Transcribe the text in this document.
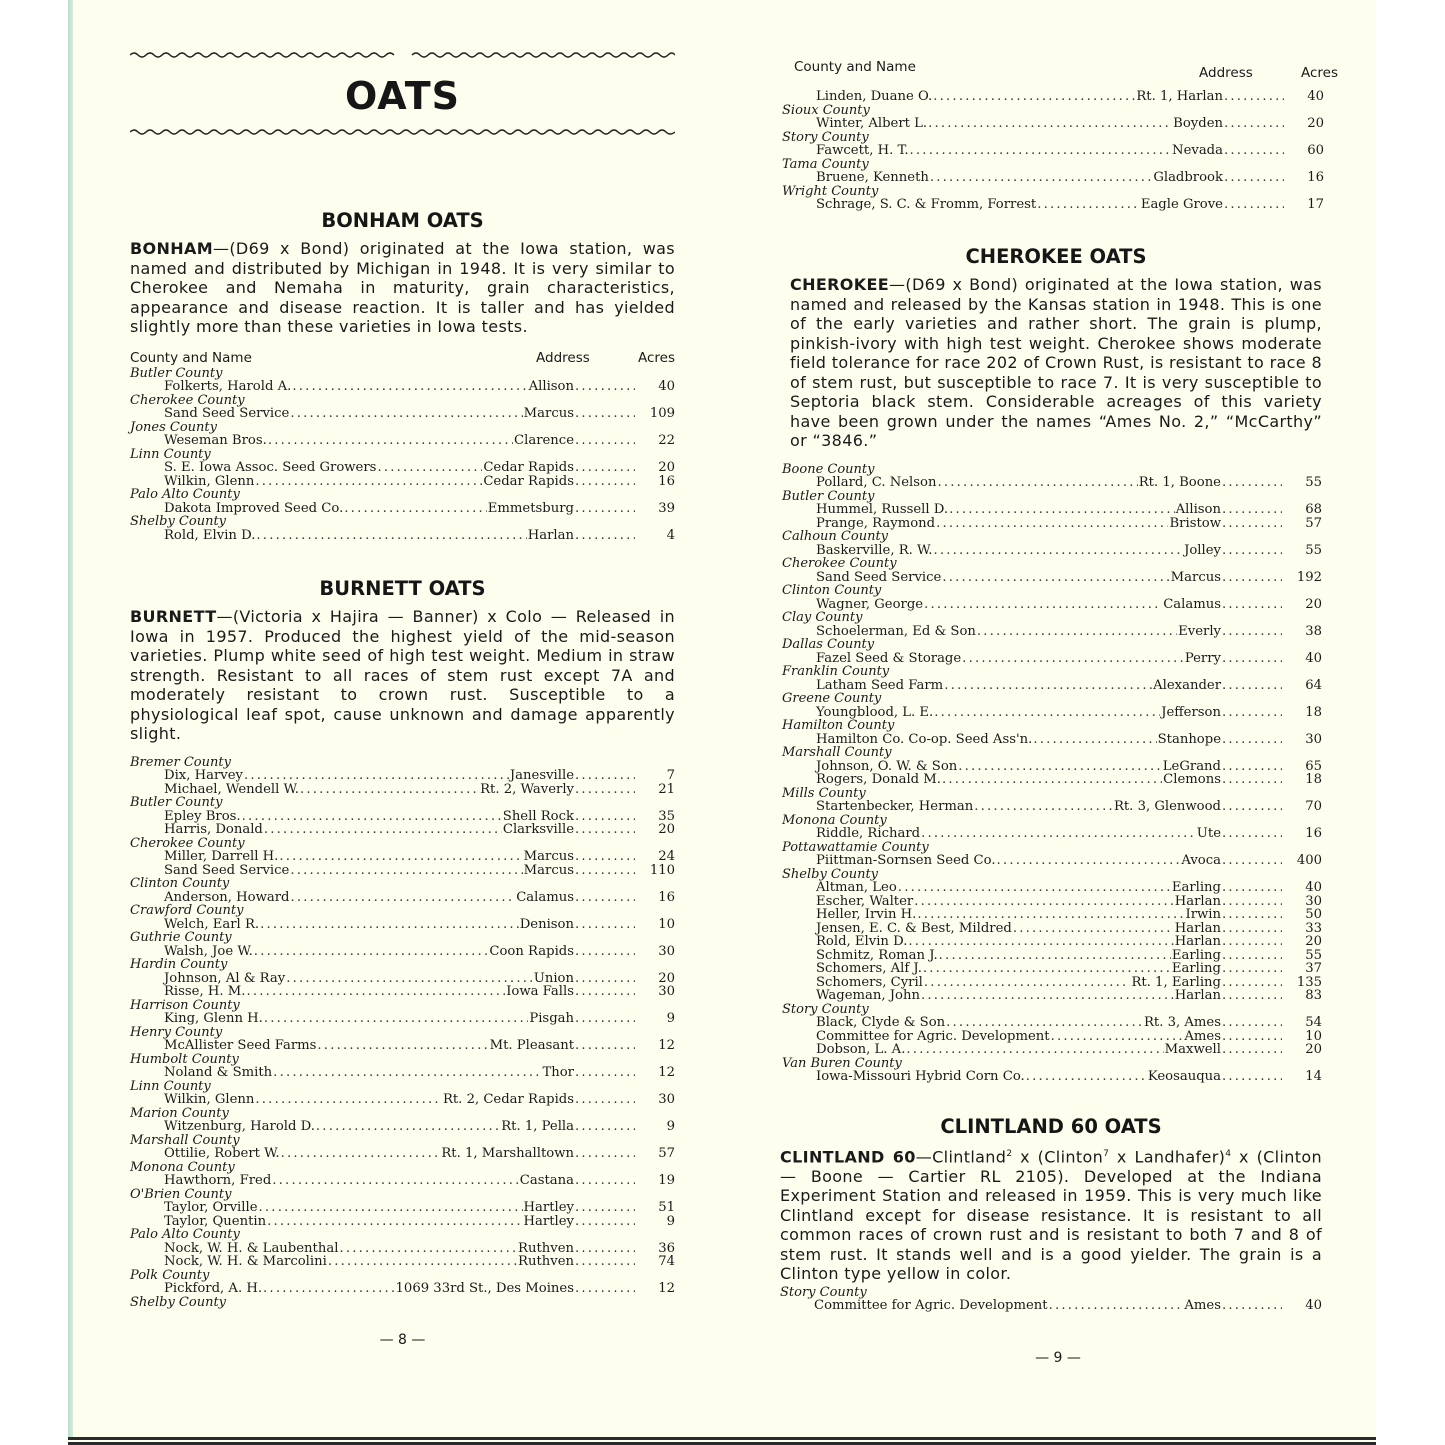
OATS
BONHAM OATS

BONHAM—(D69 x Bond) originated at the Iowa station, was named and distributed by Michigan in 1948. It is very similar to Cherokee and Nemaha in maturity, grain characteristics, appearance and disease reaction. It is taller and has yielded slightly more than these varieties in Iowa tests.

County and Name	Address	Acres
Butler County
Folkerts, Harold A. .....	Allison .....	40
Cherokee County
Sand Seed Service .....	Marcus .....	109
Jones County
Weseman Bros. .....	Clarence .....	22
Linn County
S. E. Iowa Assoc. Seed Growers .....	Cedar Rapids .....	20
Wilkin, Glenn .....	Cedar Rapids .....	16
Palo Alto County
Dakota Improved Seed Co. .....	Emmetsburg .....	39
Shelby County
Rold, Elvin D. .....	Harlan .....	4
BURNETT OATS

BURNETT—(Victoria x Hajira — Banner) x Colo — Released in Iowa in 1957. Produced the highest yield of the mid-season varieties. Plump white seed of high test weight. Medium in straw strength. Resistant to all races of stem rust except 7A and moderately resistant to crown rust. Susceptible to a physiological leaf spot, cause unknown and damage apparently slight.

Bremer County
Dix, Harvey .....	Janesville .....	7
Michael, Wendell W. .....	Rt. 2, Waverly .....	21
Butler County
Epley Bros. .....	Shell Rock .....	35
Harris, Donald .....	Clarksville .....	20
Cherokee County
Miller, Darrell H. .....	Marcus .....	24
Sand Seed Service .....	Marcus .....	110
Clinton County
Anderson, Howard .....	Calamus .....	16
Crawford County
Welch, Earl R. .....	Denison .....	10
Guthrie County
Walsh, Joe W. .....	Coon Rapids .....	30
Hardin County
Johnson, Al & Ray .....	Union .....	20
Risse, H. M. .....	Iowa Falls .....	30
Harrison County
King, Glenn H. .....	Pisgah .....	9
Henry County
McAllister Seed Farms .....	Mt. Pleasant .....	12
Humbolt County
Noland & Smith .....	Thor .....	12
Linn County
Wilkin, Glenn .....	Rt. 2, Cedar Rapids .....	30
Marion County
Witzenburg, Harold D. .....	Rt. 1, Pella .....	9
Marshall County
Ottilie, Robert W. .....	Rt. 1, Marshalltown .....	57
Monona County
Hawthorn, Fred .....	Castana .....	19
O'Brien County
Taylor, Orville .....	Hartley .....	51
Taylor, Quentin .....	Hartley .....	9
Palo Alto County
Nock, W. H. & Laubenthal .....	Ruthven .....	36
Nock, W. H. & Marcolini .....	Ruthven .....	74
Polk County
Pickford, A. H. .....	1069 33rd St., Des Moines .....	12
Shelby County
— 8 —
County and Name	Address	Acres
Linden, Duane O. .....	Rt. 1, Harlan .....	40
Sioux County
Winter, Albert L. .....	Boyden .....	20
Story County
Fawcett, H. T. .....	Nevada .....	60
Tama County
Bruene, Kenneth .....	Gladbrook .....	16
Wright County
Schrage, S. C. & Fromm, Forrest .....	Eagle Grove .....	17
CHEROKEE OATS

CHEROKEE—(D69 x Bond) originated at the Iowa station, was named and released by the Kansas station in 1948. This is one of the early varieties and rather short. The grain is plump, pinkish-ivory with high test weight. Cherokee shows moderate field tolerance for race 202 of Crown Rust, is resistant to race 8 of stem rust, but susceptible to race 7. It is very susceptible to Septoria black stem. Considerable acreages of this variety have been grown under the names “Ames No. 2,” “McCarthy” or “3846.”

Boone County
Pollard, C. Nelson .....	Rt. 1, Boone .....	55
Butler County
Hummel, Russell D. .....	Allison .....	68
Prange, Raymond .....	Bristow .....	57
Calhoun County
Baskerville, R. W. .....	Jolley .....	55
Cherokee County
Sand Seed Service .....	Marcus .....	192
Clinton County
Wagner, George .....	Calamus .....	20
Clay County
Schoelerman, Ed & Son .....	Everly .....	38
Dallas County
Fazel Seed & Storage .....	Perry .....	40
Franklin County
Latham Seed Farm .....	Alexander .....	64
Greene County
Youngblood, L. E. .....	Jefferson .....	18
Hamilton County
Hamilton Co. Co-op. Seed Ass'n. .....	Stanhope .....	30
Marshall County
Johnson, O. W. & Son .....	LeGrand .....	65
Rogers, Donald M. .....	Clemons .....	18
Mills County
Startenbecker, Herman .....	Rt. 3, Glenwood .....	70
Monona County
Riddle, Richard .....	Ute .....	16
Pottawattamie County
Piittman-Sornsen Seed Co. .....	Avoca .....	400
Shelby County
Altman, Leo .....	Earling .....	40
Escher, Walter .....	Harlan .....	30
Heller, Irvin H. .....	Irwin .....	50
Jensen, E. C. & Best, Mildred .....	Harlan .....	33
Rold, Elvin D. .....	Harlan .....	20
Schmitz, Roman J. .....	Earling .....	55
Schomers, Alf J. .....	Earling .....	37
Schomers, Cyril .....	Rt. 1, Earling .....	135
Wageman, John .....	Harlan .....	83
Story County
Black, Clyde & Son .....	Rt. 3, Ames .....	54
Committee for Agric. Development .....	Ames .....	10
Dobson, L. A. .....	Maxwell .....	20
Van Buren County
Iowa-Missouri Hybrid Corn Co. .....	Keosauqua .....	14
CLINTLAND 60 OATS

CLINTLAND 60—Clintland$^2$ x (Clinton$^7$ x Landhafer)$^4$ x (Clinton — Boone — Cartier RL 2105). Developed at the Indiana Experiment Station and released in 1959. This is very much like Clintland except for disease resistance. It is resistant to all common races of crown rust and is resistant to both 7 and 8 of stem rust. It stands well and is a good yielder. The grain is a Clinton type yellow in color.

Story County
Committee for Agric. Development .....	Ames .....	40
— 9 —
